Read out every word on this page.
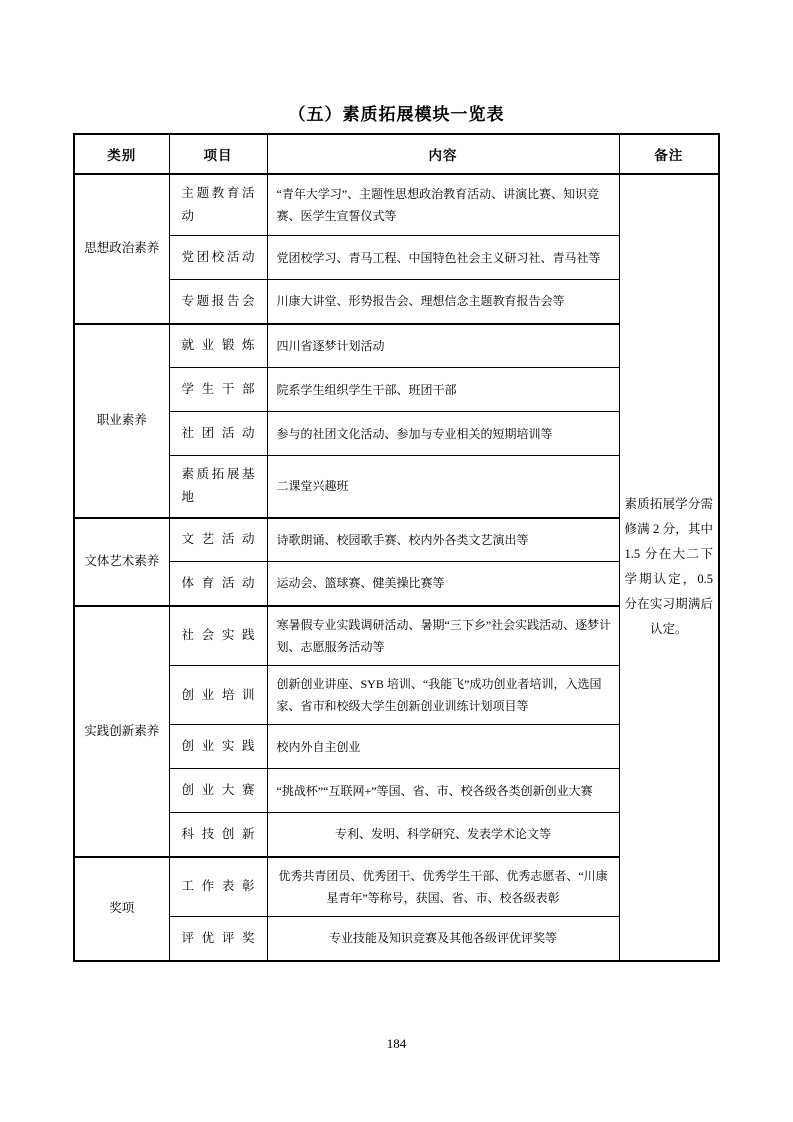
（五）素质拓展模块一览表
类别	项目	内容	备注
思想政治素养	主题教育活动	“青年大学习”、主题性思想政治教育活动、讲演比赛、知识竞赛、医学生宣誓仪式等	素质拓展学分需修满 2 分，其中 1.5 分在大二下学期认定，0.5 分在实习期满后认定。
	党团校活动	党团校学习、青马工程、中国特色社会主义研习社、青马社等	
	专题报告会	川康大讲堂、形势报告会、理想信念主题教育报告会等	
职业素养	就业锻炼	四川省逐梦计划活动	
	学生干部	院系学生组织学生干部、班团干部	
	社团活动	参与的社团文化活动、参加与专业相关的短期培训等	
	素质拓展基地	二课堂兴趣班	
文体艺术素养	文艺活动	诗歌朗诵、校园歌手赛、校内外各类文艺演出等	
	体育活动	运动会、篮球赛、健美操比赛等	
实践创新素养	社会实践	寒暑假专业实践调研活动、暑期“三下乡”社会实践活动、逐梦计划、志愿服务活动等	
	创业培训	创新创业讲座、SYB 培训、“我能飞”成功创业者培训，入选国家、省市和校级大学生创新创业训练计划项目等	
	创业实践	校内外自主创业	
	创业大赛	“挑战杯”“互联网+”等国、省、市、校各级各类创新创业大赛	
	科技创新	专利、发明、科学研究、发表学术论文等	
奖项	工作表彰	优秀共青团员、优秀团干、优秀学生干部、优秀志愿者、“川康星青年”等称号，获国、省、市、校各级表彰	
	评优评奖	专业技能及知识竞赛及其他各级评优评奖等	
184
